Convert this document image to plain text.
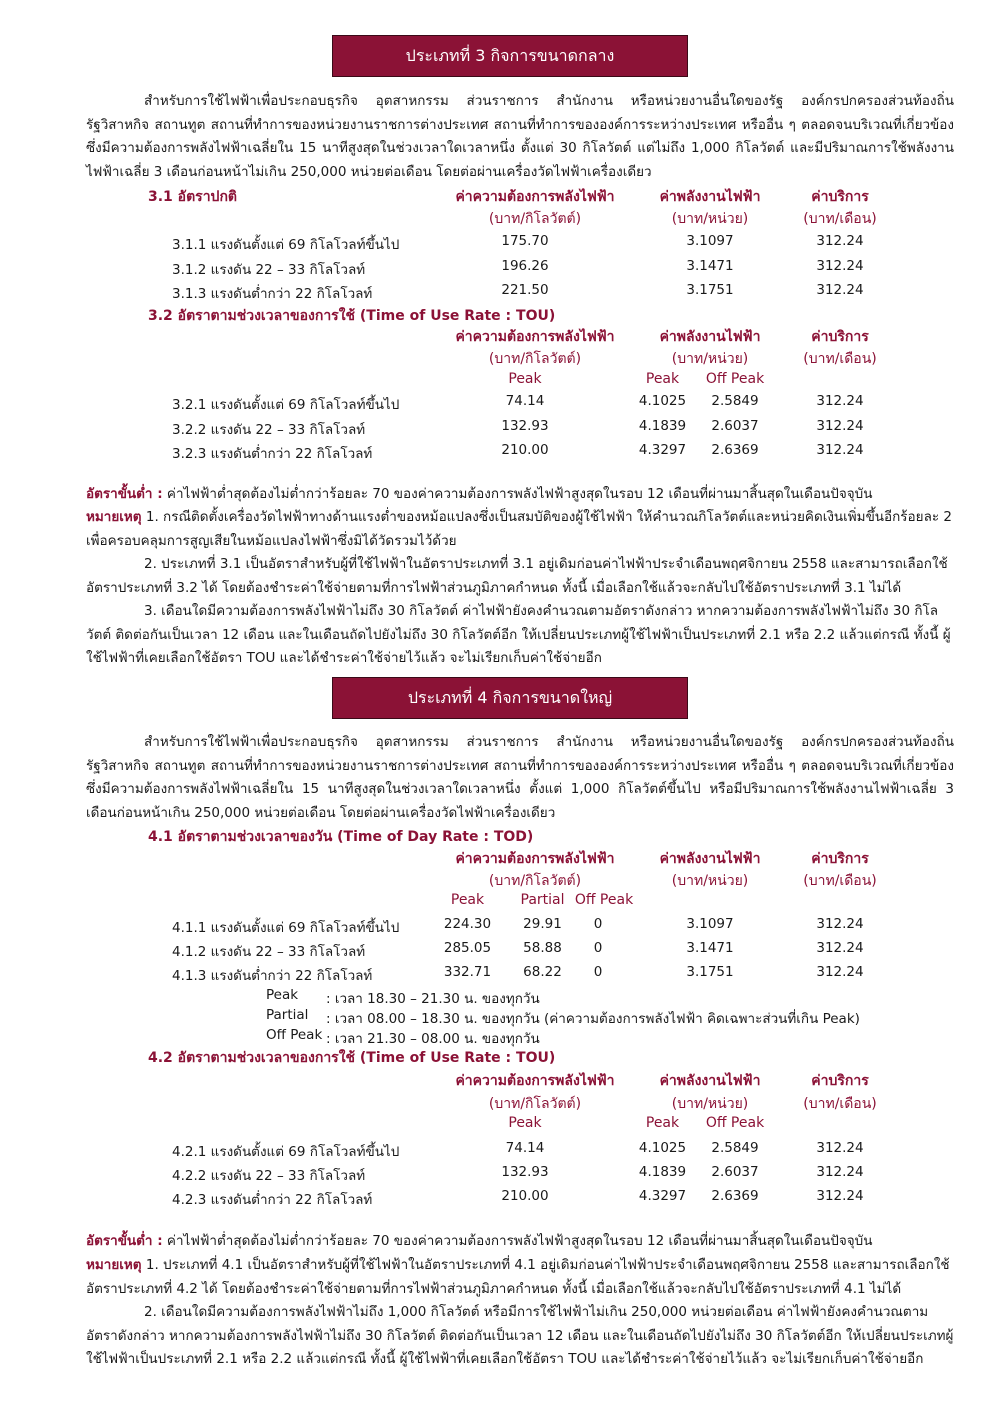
ประเภทที่ 3 กิจการขนาดกลาง

สำหรับการใช้ไฟฟ้าเพื่อประกอบธุรกิจ อุตสาหกรรม ส่วนราชการ สำนักงาน หรือหน่วยงานอื่นใดของรัฐ องค์กรปกครองส่วนท้องถิ่น รัฐวิสาหกิจ สถานทูต สถานที่ทำการของหน่วยงานราชการต่างประเทศ สถานที่ทำการขององค์การระหว่างประเทศ หรืออื่น ๆ ตลอดจนบริเวณที่เกี่ยวข้อง ซึ่งมีความต้องการพลังไฟฟ้าเฉลี่ยใน 15 นาทีสูงสุดในช่วงเวลาใดเวลาหนึ่ง ตั้งแต่ 30 กิโลวัตต์ แต่ไม่ถึง 1,000 กิโลวัตต์ และมีปริมาณการใช้พลังงานไฟฟ้าเฉลี่ย 3 เดือนก่อนหน้าไม่เกิน 250,000 หน่วยต่อเดือน โดยต่อผ่านเครื่องวัดไฟฟ้าเครื่องเดียว

3.1 อัตราปกติ	ค่าความต้องการพลังไฟฟ้า	ค่าพลังงานไฟฟ้า	ค่าบริการ
(บาท/กิโลวัตต์)	(บาท/หน่วย)	(บาท/เดือน)
3.1.1 แรงดันตั้งแต่ 69 กิโลโวลท์ขึ้นไป	175.70	3.1097	312.24
3.1.2 แรงดัน 22 – 33 กิโลโวลท์	196.26	3.1471	312.24
3.1.3 แรงดันต่ำกว่า 22 กิโลโวลท์	221.50	3.1751	312.24
3.2 อัตราตามช่วงเวลาของการใช้ (Time of Use Rate : TOU)
ค่าความต้องการพลังไฟฟ้า	ค่าพลังงานไฟฟ้า	ค่าบริการ
(บาท/กิโลวัตต์)	(บาท/หน่วย)	(บาท/เดือน)
Peak	Peak	Off Peak
3.2.1 แรงดันตั้งแต่ 69 กิโลโวลท์ขึ้นไป	74.14	4.1025	2.5849	312.24
3.2.2 แรงดัน 22 – 33 กิโลโวลท์	132.93	4.1839	2.6037	312.24
3.2.3 แรงดันต่ำกว่า 22 กิโลโวลท์	210.00	4.3297	2.6369	312.24

อัตราขั้นต่ำ : ค่าไฟฟ้าต่ำสุดต้องไม่ต่ำกว่าร้อยละ 70 ของค่าความต้องการพลังไฟฟ้าสูงสุดในรอบ 12 เดือนที่ผ่านมาสิ้นสุดในเดือนปัจจุบัน

หมายเหตุ 1. กรณีติดตั้งเครื่องวัดไฟฟ้าทางด้านแรงต่ำของหม้อแปลงซึ่งเป็นสมบัติของผู้ใช้ไฟฟ้า ให้คำนวณกิโลวัตต์และหน่วยคิดเงินเพิ่มขึ้นอีกร้อยละ 2 เพื่อครอบคลุมการสูญเสียในหม้อแปลงไฟฟ้าซึ่งมิได้วัดรวมไว้ด้วย

2. ประเภทที่ 3.1 เป็นอัตราสำหรับผู้ที่ใช้ไฟฟ้าในอัตราประเภทที่ 3.1 อยู่เดิมก่อนค่าไฟฟ้าประจำเดือนพฤศจิกายน 2558 และสามารถเลือกใช้อัตราประเภทที่ 3.2 ได้ โดยต้องชำระค่าใช้จ่ายตามที่การไฟฟ้าส่วนภูมิภาคกำหนด ทั้งนี้ เมื่อเลือกใช้แล้วจะกลับไปใช้อัตราประเภทที่ 3.1 ไม่ได้

3. เดือนใดมีความต้องการพลังไฟฟ้าไม่ถึง 30 กิโลวัตต์ ค่าไฟฟ้ายังคงคำนวณตามอัตราดังกล่าว หากความต้องการพลังไฟฟ้าไม่ถึง 30 กิโลวัตต์ ติดต่อกันเป็นเวลา 12 เดือน และในเดือนถัดไปยังไม่ถึง 30 กิโลวัตต์อีก ให้เปลี่ยนประเภทผู้ใช้ไฟฟ้าเป็นประเภทที่ 2.1 หรือ 2.2 แล้วแต่กรณี ทั้งนี้ ผู้ใช้ไฟฟ้าที่เคยเลือกใช้อัตรา TOU และได้ชำระค่าใช้จ่ายไว้แล้ว จะไม่เรียกเก็บค่าใช้จ่ายอีก

ประเภทที่ 4 กิจการขนาดใหญ่

สำหรับการใช้ไฟฟ้าเพื่อประกอบธุรกิจ อุตสาหกรรม ส่วนราชการ สำนักงาน หรือหน่วยงานอื่นใดของรัฐ องค์กรปกครองส่วนท้องถิ่น รัฐวิสาหกิจ สถานทูต สถานที่ทำการของหน่วยงานราชการต่างประเทศ สถานที่ทำการขององค์การระหว่างประเทศ หรืออื่น ๆ ตลอดจนบริเวณที่เกี่ยวข้อง ซึ่งมีความต้องการพลังไฟฟ้าเฉลี่ยใน 15 นาทีสูงสุดในช่วงเวลาใดเวลาหนึ่ง ตั้งแต่ 1,000 กิโลวัตต์ขึ้นไป หรือมีปริมาณการใช้พลังงานไฟฟ้าเฉลี่ย 3 เดือนก่อนหน้าเกิน 250,000 หน่วยต่อเดือน โดยต่อผ่านเครื่องวัดไฟฟ้าเครื่องเดียว

4.1 อัตราตามช่วงเวลาของวัน (Time of Day Rate : TOD)
ค่าความต้องการพลังไฟฟ้า	ค่าพลังงานไฟฟ้า	ค่าบริการ
(บาท/กิโลวัตต์)	(บาท/หน่วย)	(บาท/เดือน)
Peak	Partial Off Peak
4.1.1 แรงดันตั้งแต่ 69 กิโลโวลท์ขึ้นไป	224.30	29.91	0	3.1097	312.24
4.1.2 แรงดัน 22 – 33 กิโลโวลท์	285.05	58.88	0	3.1471	312.24
4.1.3 แรงดันต่ำกว่า 22 กิโลโวลท์	332.71	68.22	0	3.1751	312.24
Peak : เวลา 18.30 – 21.30 น. ของทุกวัน
Partial : เวลา 08.00 – 18.30 น. ของทุกวัน (ค่าความต้องการพลังไฟฟ้า คิดเฉพาะส่วนที่เกิน Peak)
Off Peak : เวลา 21.30 – 08.00 น. ของทุกวัน
4.2 อัตราตามช่วงเวลาของการใช้ (Time of Use Rate : TOU)
ค่าความต้องการพลังไฟฟ้า	ค่าพลังงานไฟฟ้า	ค่าบริการ
(บาท/กิโลวัตต์)	(บาท/หน่วย)	(บาท/เดือน)
Peak	Peak	Off Peak
4.2.1 แรงดันตั้งแต่ 69 กิโลโวลท์ขึ้นไป	74.14	4.1025	2.5849	312.24
4.2.2 แรงดัน 22 – 33 กิโลโวลท์	132.93	4.1839	2.6037	312.24
4.2.3 แรงดันต่ำกว่า 22 กิโลโวลท์	210.00	4.3297	2.6369	312.24

อัตราขั้นต่ำ : ค่าไฟฟ้าต่ำสุดต้องไม่ต่ำกว่าร้อยละ 70 ของค่าความต้องการพลังไฟฟ้าสูงสุดในรอบ 12 เดือนที่ผ่านมาสิ้นสุดในเดือนปัจจุบัน

หมายเหตุ 1. ประเภทที่ 4.1 เป็นอัตราสำหรับผู้ที่ใช้ไฟฟ้าในอัตราประเภทที่ 4.1 อยู่เดิมก่อนค่าไฟฟ้าประจำเดือนพฤศจิกายน 2558 และสามารถเลือกใช้อัตราประเภทที่ 4.2 ได้ โดยต้องชำระค่าใช้จ่ายตามที่การไฟฟ้าส่วนภูมิภาคกำหนด ทั้งนี้ เมื่อเลือกใช้แล้วจะกลับไปใช้อัตราประเภทที่ 4.1 ไม่ได้

2. เดือนใดมีความต้องการพลังไฟฟ้าไม่ถึง 1,000 กิโลวัตต์ หรือมีการใช้ไฟฟ้าไม่เกิน 250,000 หน่วยต่อเดือน ค่าไฟฟ้ายังคงคำนวณตามอัตราดังกล่าว หากความต้องการพลังไฟฟ้าไม่ถึง 30 กิโลวัตต์ ติดต่อกันเป็นเวลา 12 เดือน และในเดือนถัดไปยังไม่ถึง 30 กิโลวัตต์อีก ให้เปลี่ยนประเภทผู้ใช้ไฟฟ้าเป็นประเภทที่ 2.1 หรือ 2.2 แล้วแต่กรณี ทั้งนี้ ผู้ใช้ไฟฟ้าที่เคยเลือกใช้อัตรา TOU และได้ชำระค่าใช้จ่ายไว้แล้ว จะไม่เรียกเก็บค่าใช้จ่ายอีก
